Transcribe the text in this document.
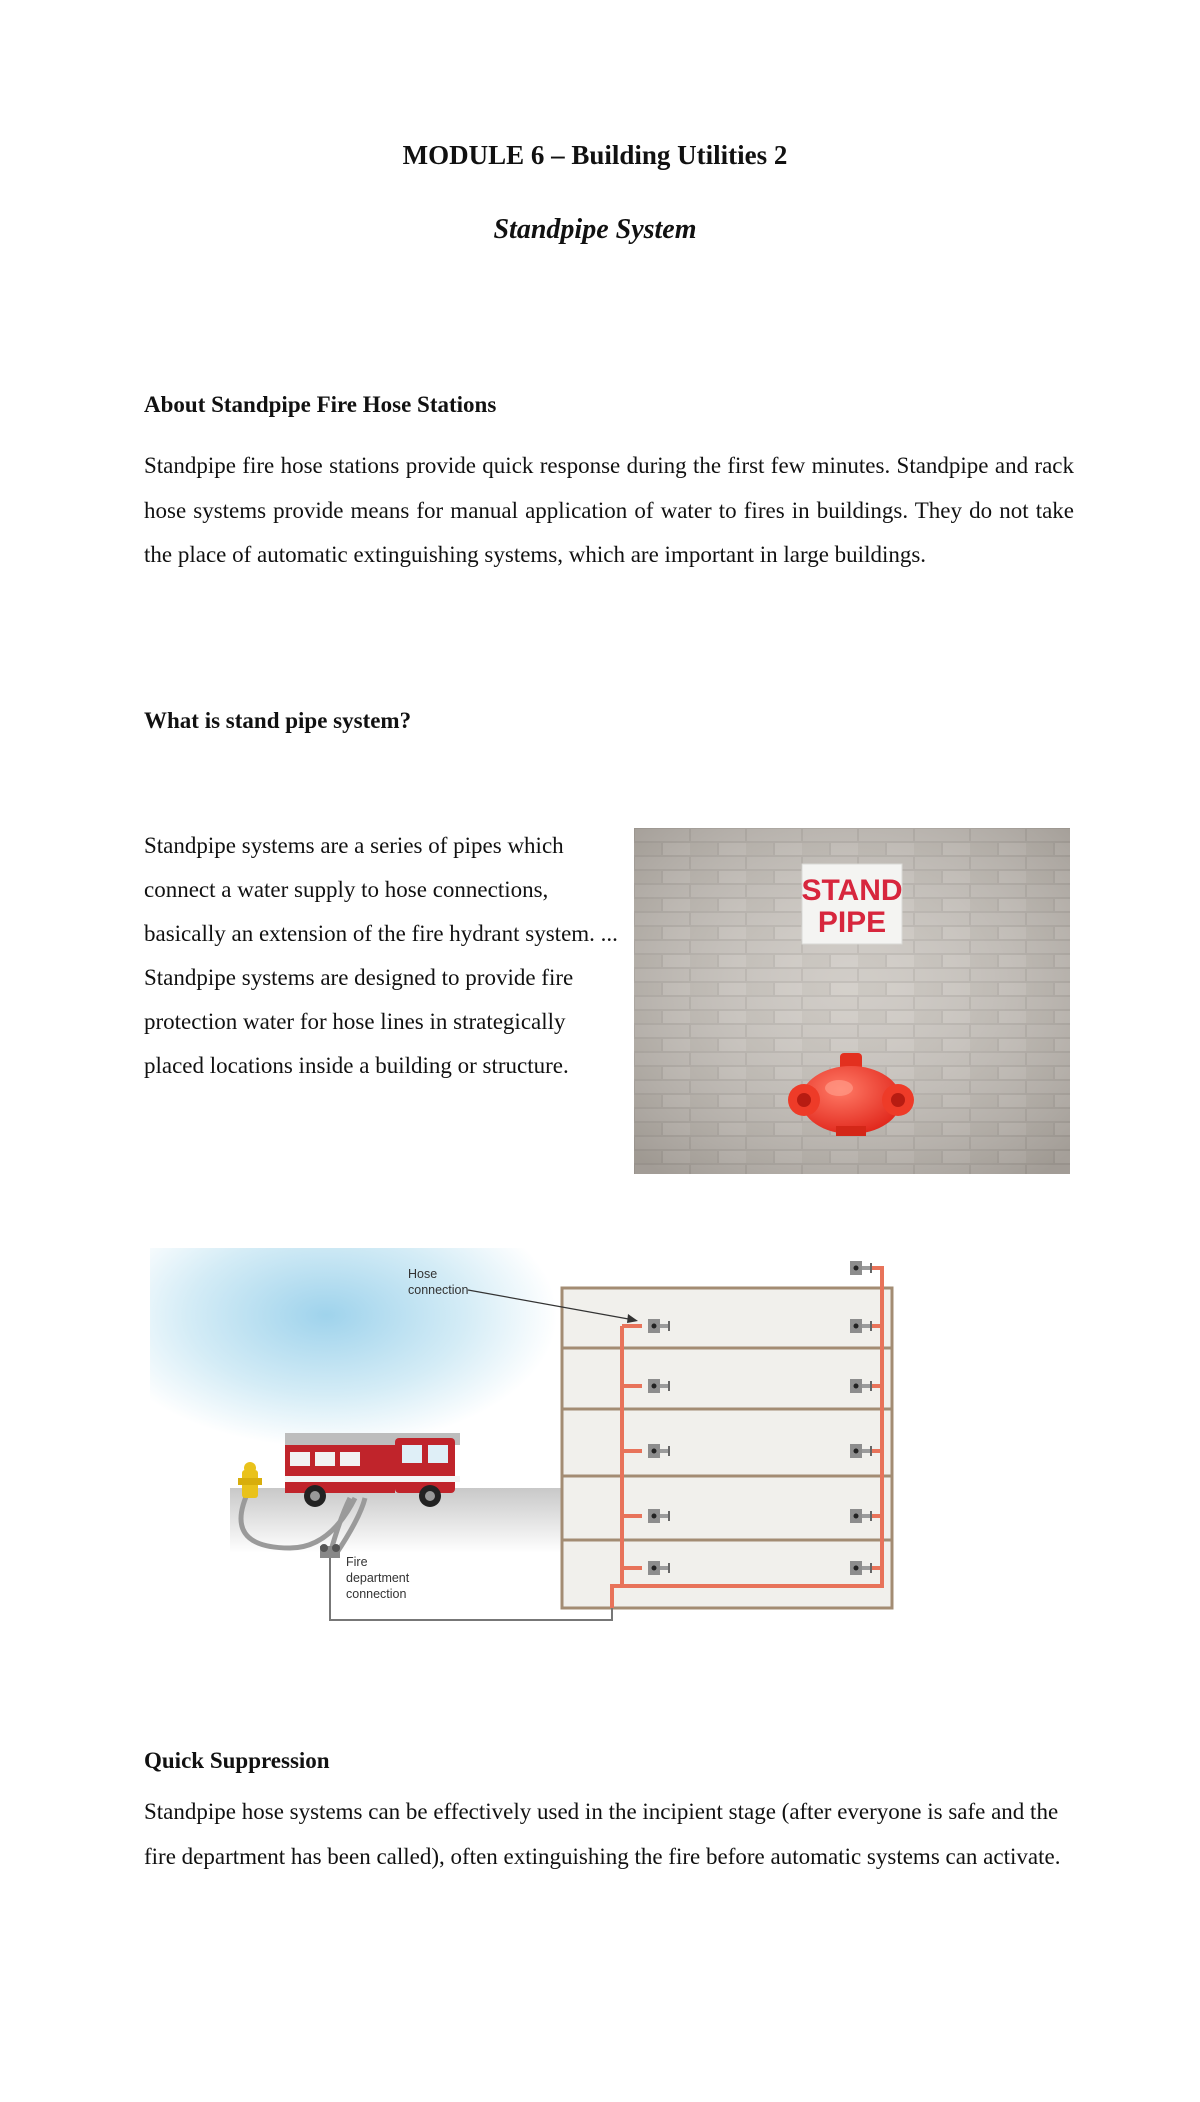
MODULE 6 – Building Utilities 2
Standpipe System
About Standpipe Fire Hose Stations
Standpipe fire hose stations provide quick response during the first few minutes. Standpipe and rack hose systems provide means for manual application of water to fires in buildings. They do not take the place of automatic extinguishing systems, which are important in large buildings.
What is stand pipe system?
Standpipe systems are a series of pipes which connect a water supply to hose connections, basically an extension of the fire hydrant system. ... Standpipe systems are designed to provide fire protection water for hose lines in strategically placed locations inside a building or structure.
STAND
PIPE
Hose
connection
Fire
department
connection
Quick Suppression
Standpipe hose systems can be effectively used in the incipient stage (after everyone is safe and the fire department has been called), often extinguishing the fire before automatic systems can activate.
